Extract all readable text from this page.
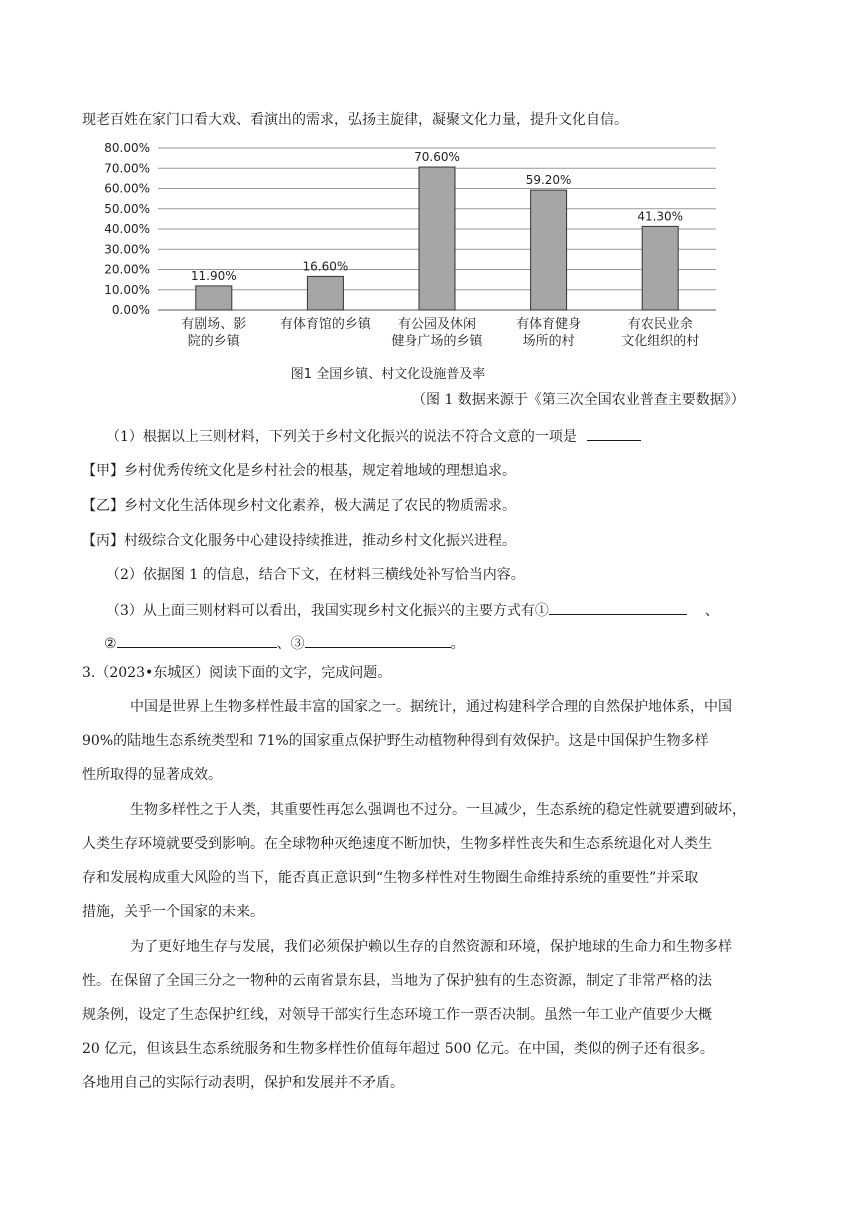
现老百姓在家门口看大戏、看演出的需求，弘扬主旋律，凝聚文化力量，提升文化自信。
0.00%
10.00%
20.00%
30.00%
40.00%
50.00%
60.00%
70.00%
80.00%
11.90%
有剧场、影
院的乡镇
16.60%
有体育馆的乡镇
70.60%
有公园及休闲
健身广场的乡镇
59.20%
有体育健身
场所的村
41.30%
有农民业余
文化组织的村
图1 全国乡镇、村文化设施普及率
（图 1 数据来源于《第三次全国农业普查主要数据》）
（1）根据以上三则材料，下列关于乡村文化振兴的说法不符合文意的一项是
【甲】乡村优秀传统文化是乡村社会的根基，规定着地域的理想追求。
【乙】乡村文化生活体现乡村文化素养，极大满足了农民的物质需求。
【丙】村级综合文化服务中心建设持续推进，推动乡村文化振兴进程。
（2）依据图 1 的信息，结合下文，在材料三横线处补写恰当内容。
（3）从上面三则材料可以看出，我国实现乡村文化振兴的主要方式有①	、
②	、③	。
3.（2023•东城区）阅读下面的文字，完成问题。
中国是世界上生物多样性最丰富的国家之一。据统计，通过构建科学合理的自然保护地体系，中国
90%的陆地生态系统类型和 71%的国家重点保护野生动植物种得到有效保护。这是中国保护生物多样
性所取得的显著成效。
生物多样性之于人类，其重要性再怎么强调也不过分。一旦减少，生态系统的稳定性就要遭到破坏，
人类生存环境就要受到影响。在全球物种灭绝速度不断加快，生物多样性丧失和生态系统退化对人类生
存和发展构成重大风险的当下，能否真正意识到“生物多样性对生物圈生命维持系统的重要性”并采取
措施，关乎一个国家的未来。
为了更好地生存与发展，我们必须保护赖以生存的自然资源和环境，保护地球的生命力和生物多样
性。在保留了全国三分之一物种的云南省景东县，当地为了保护独有的生态资源，制定了非常严格的法
规条例，设定了生态保护红线，对领导干部实行生态环境工作一票否决制。虽然一年工业产值要少大概
20 亿元，但该县生态系统服务和生物多样性价值每年超过 500 亿元。在中国，类似的例子还有很多。
各地用自己的实际行动表明，保护和发展并不矛盾。
